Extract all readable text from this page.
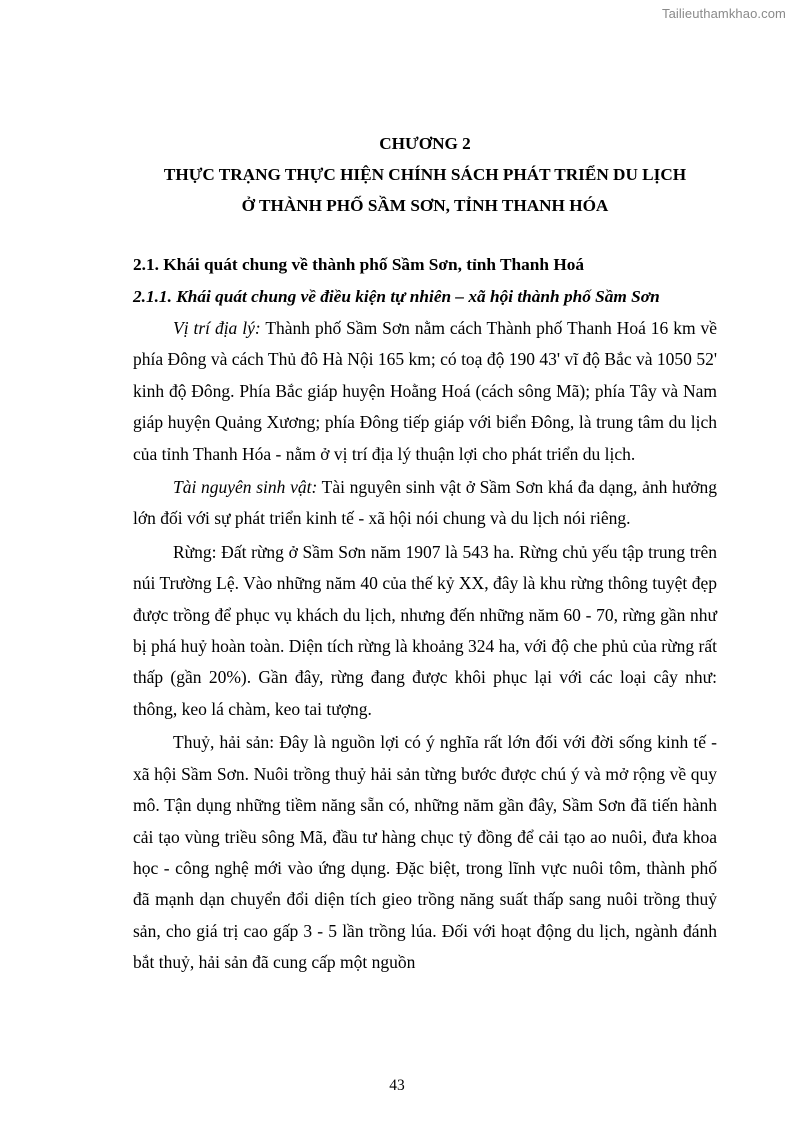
Tailieuthamkhao.com
CHƯƠNG 2
THỰC TRẠNG THỰC HIỆN CHÍNH SÁCH PHÁT TRIỂN DU LỊCH
Ở THÀNH PHỐ SẦM SƠN, TỈNH THANH HÓA

2.1. Khái quát chung về thành phố Sầm Sơn, tỉnh Thanh Hoá

2.1.1. Khái quát chung về điều kiện tự nhiên – xã hội thành phố Sầm Sơn

Vị trí địa lý: Thành phố Sầm Sơn nằm cách Thành phố Thanh Hoá 16 km về phía Đông và cách Thủ đô Hà Nội 165 km; có toạ độ 190 43' vĩ độ Bắc và 1050 52' kinh độ Đông. Phía Bắc giáp huyện Hoằng Hoá (cách sông Mã); phía Tây và Nam giáp huyện Quảng Xương; phía Đông tiếp giáp với biển Đông, là trung tâm du lịch của tỉnh Thanh Hóa - nằm ở vị trí địa lý thuận lợi cho phát triển du lịch.

Tài nguyên sinh vật: Tài nguyên sinh vật ở Sầm Sơn khá đa dạng, ảnh hưởng lớn đối với sự phát triển kinh tế - xã hội nói chung và du lịch nói riêng.

Rừng: Đất rừng ở Sầm Sơn năm 1907 là 543 ha. Rừng chủ yếu tập trung trên núi Trường Lệ. Vào những năm 40 của thế kỷ XX, đây là khu rừng thông tuyệt đẹp được trồng để phục vụ khách du lịch, nhưng đến những năm 60 - 70, rừng gần như bị phá huỷ hoàn toàn. Diện tích rừng là khoảng 324 ha, với độ che phủ của rừng rất thấp (gần 20%). Gần đây, rừng đang được khôi phục lại với các loại cây như: thông, keo lá chàm, keo tai tượng.

Thuỷ, hải sản: Đây là nguồn lợi có ý nghĩa rất lớn đối với đời sống kinh tế - xã hội Sầm Sơn. Nuôi trồng thuỷ hải sản từng bước được chú ý và mở rộng về quy mô. Tận dụng những tiềm năng sẵn có, những năm gần đây, Sầm Sơn đã tiến hành cải tạo vùng triều sông Mã, đầu tư hàng chục tỷ đồng để cải tạo ao nuôi, đưa khoa học - công nghệ mới vào ứng dụng. Đặc biệt, trong lĩnh vực nuôi tôm, thành phố đã mạnh dạn chuyển đổi diện tích gieo trồng năng suất thấp sang nuôi trồng thuỷ sản, cho giá trị cao gấp 3 - 5 lần trồng lúa. Đối với hoạt động du lịch, ngành đánh bắt thuỷ, hải sản đã cung cấp một nguồn

43
